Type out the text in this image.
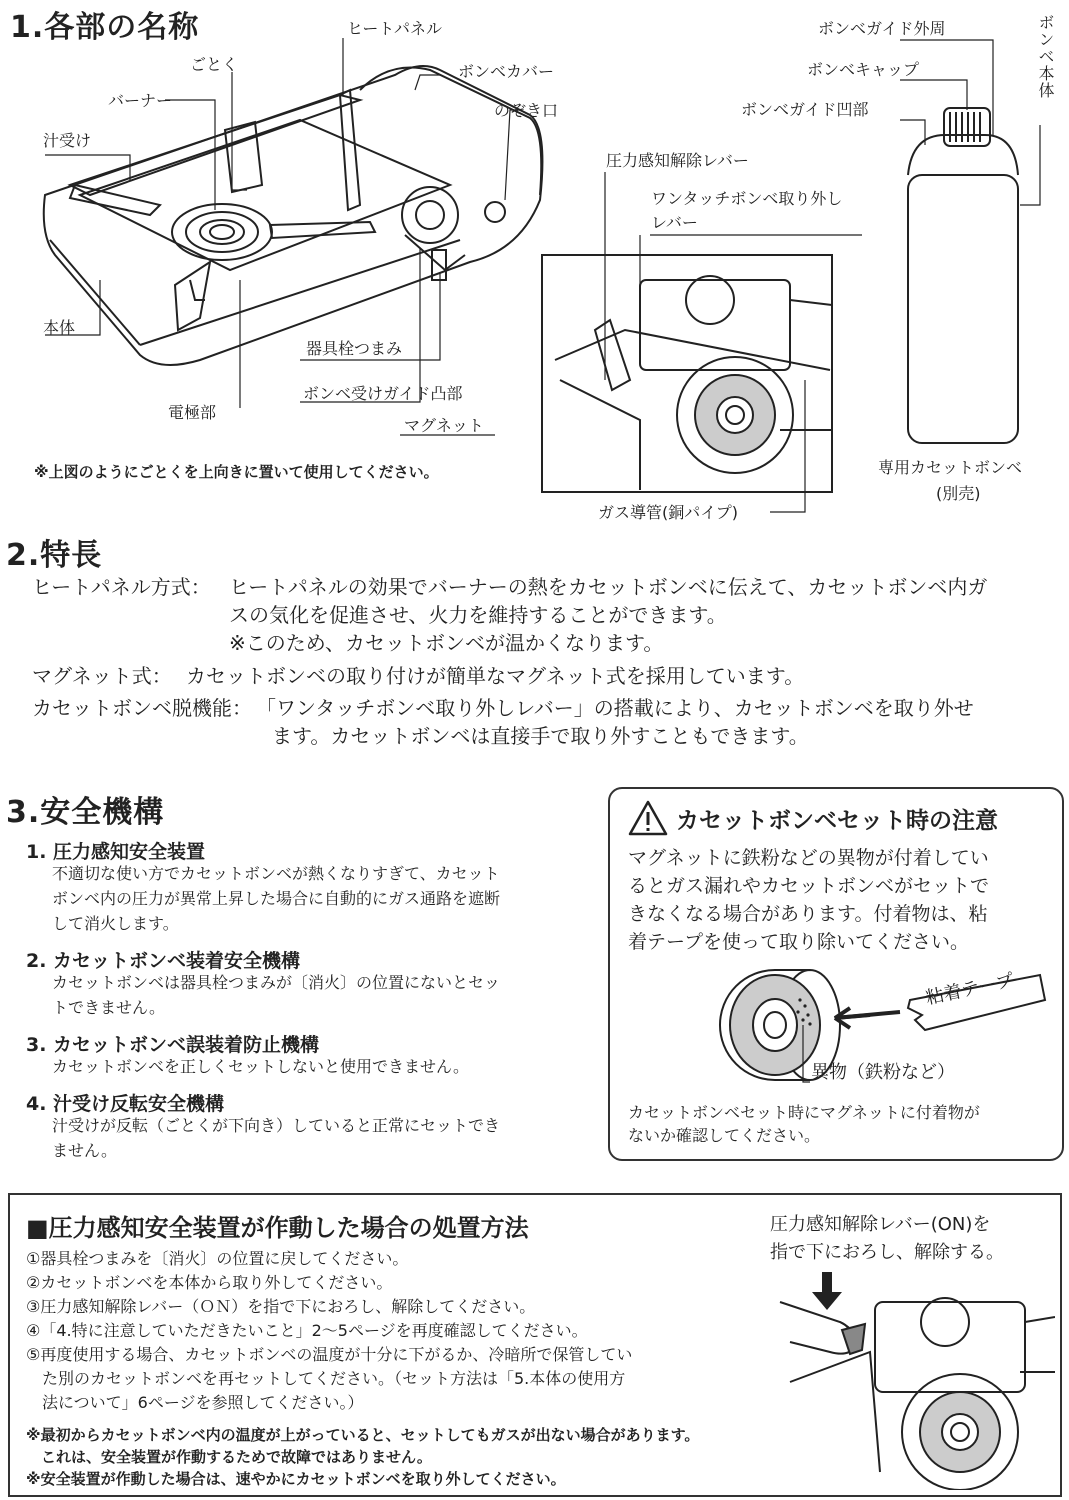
1.各部の名称	ヒートパネル
ごとく	ボンベカバー
バーナー
のぞき口
汁受け
本体
器具栓つまみ
ボンベ受けガイド凸部
電極部
マグネット
圧力感知解除レバー
ワンタッチボンベ取り外し
レバー
ガス導管(銅パイプ)
ボンベガイド外周
ボンベキャップ
ボンベガイド凹部
ボンベ本体
専用カセットボンベ
(別売)
※上図のようにごとくを上向きに置いて使用してください。
2.特長
ヒートパネル方式： ヒートパネルの効果でバーナーの熱をカセットボンベに伝えて、カセットボンベ内ガ
スの気化を促進させ、火力を維持することができます。
※このため、カセットボンベが温かくなります。
マグネット式： カセットボンベの取り付けが簡単なマグネット式を採用しています。
カセットボンベ脱機能： 「ワンタッチボンベ取り外しレバー」の搭載により、カセットボンベを取り外せ
ます。カセットボンベは直接手で取り外すこともできます。
3.安全機構
1. 圧力感知安全装置
不適切な使い方でカセットボンベが熱くなりすぎて、カセット
ボンベ内の圧力が異常上昇した場合に自動的にガス通路を遮断
して消火します。
2. カセットボンベ装着安全機構
カセットボンベは器具栓つまみが〔消火〕の位置にないとセッ
トできません。
3. カセットボンベ誤装着防止機構
カセットボンベを正しくセットしないと使用できません。
4. 汁受け反転安全機構
汁受けが反転（ごとくが下向き）していると正常にセットでき
ません。
カセットボンベセット時の注意
マグネットに鉄粉などの異物が付着してい
るとガス漏れやカセットボンベがセットで
きなくなる場合があります。付着物は、粘
着テープを使って取り除いてください。
粘着テープ
異物（鉄粉など）
カセットボンベセット時にマグネットに付着物が
ないか確認してください。
■圧力感知安全装置が作動した場合の処置方法
①器具栓つまみを〔消火〕の位置に戻してください。
②カセットボンベを本体から取り外してください。
③圧力感知解除レバー（ＯＮ）を指で下におろし、解除してください。
④「4.特に注意していただきたいこと」2～5ページを再度確認してください。
⑤再度使用する場合、カセットボンベの温度が十分に下がるか、冷暗所で保管してい
　た別のカセットボンベを再セットしてください。（セット方法は「5.本体の使用方
　法について」6ページを参照してください。）
※最初からカセットボンベ内の温度が上がっていると、セットしてもガスが出ない場合があります。
　これは、安全装置が作動するためで故障ではありません。
※安全装置が作動した場合は、速やかにカセットボンベを取り外してください。
圧力感知解除レバー(ON)を
指で下におろし、解除する。
